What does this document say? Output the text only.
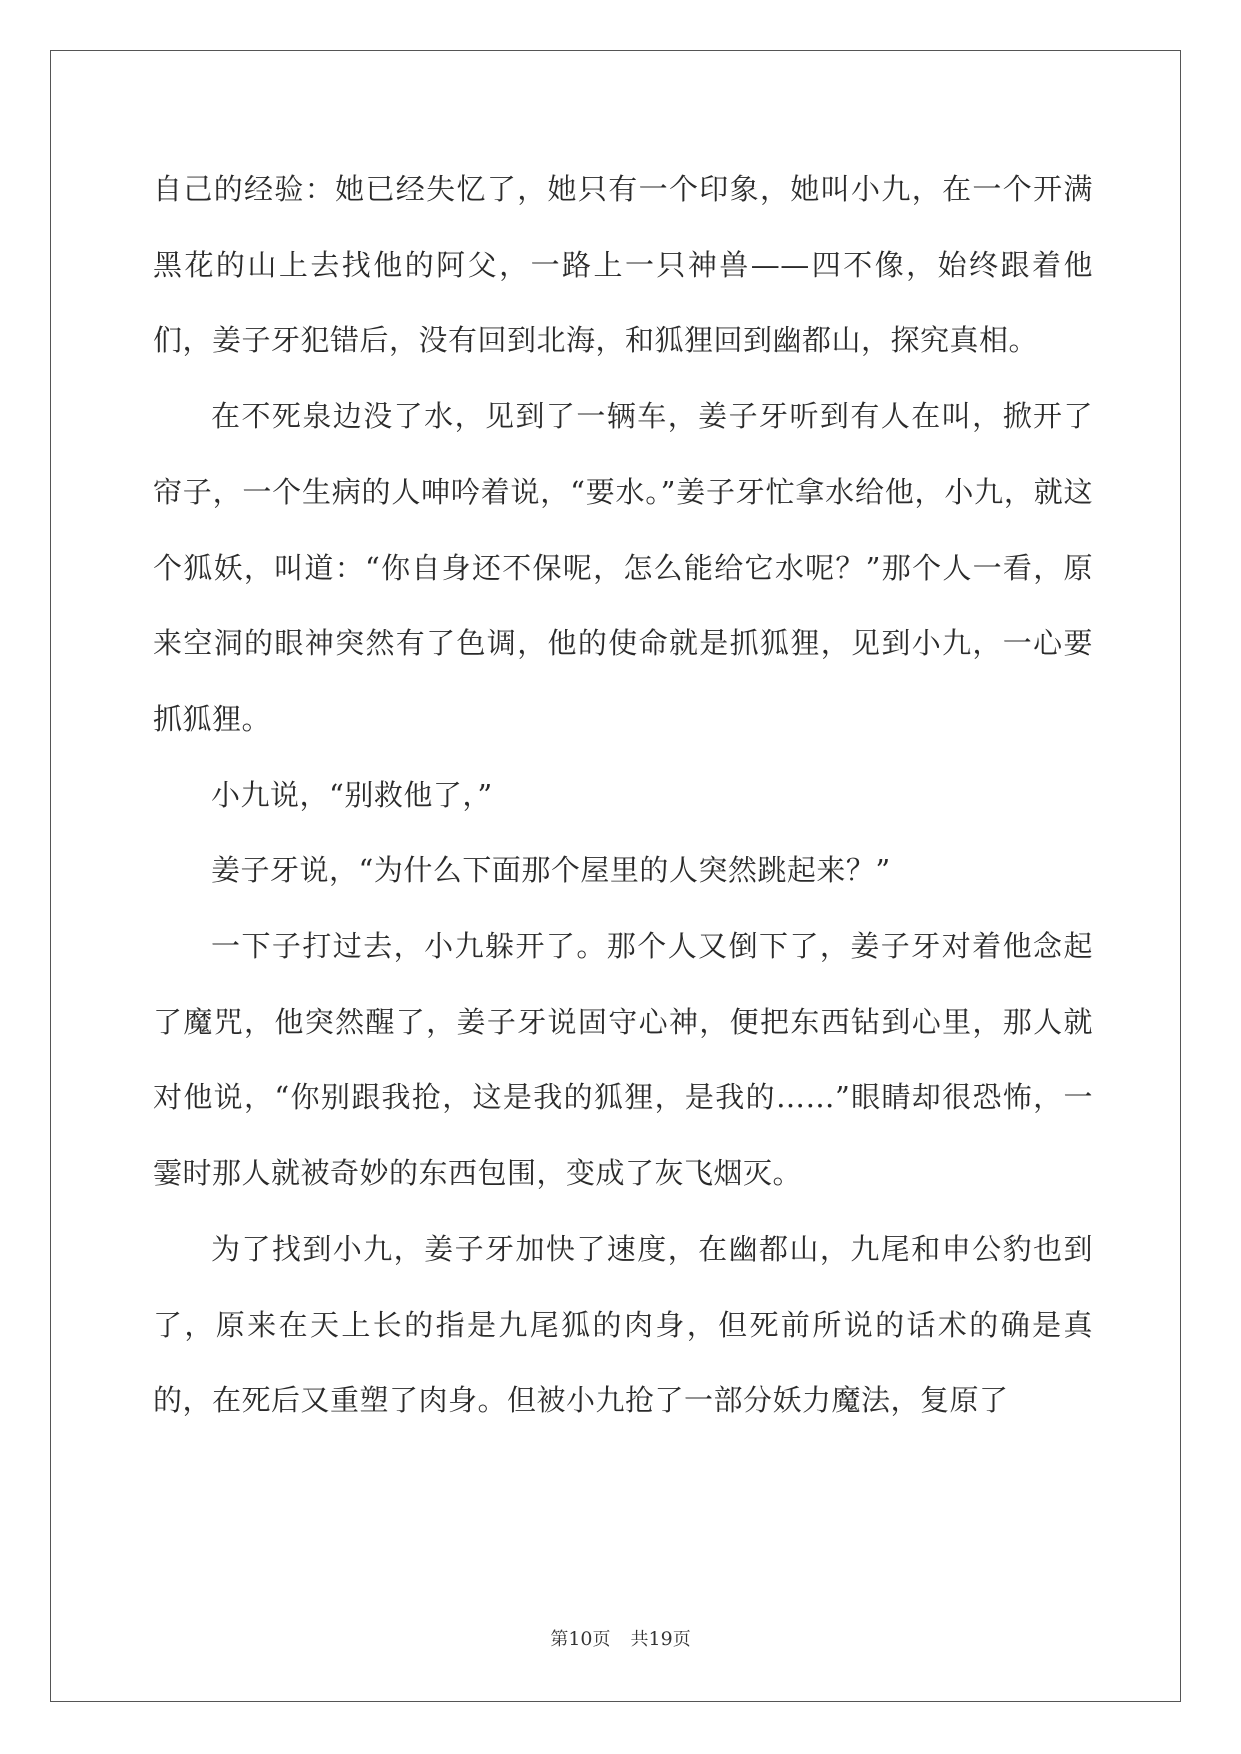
自己的经验：她已经失忆了，她只有一个印象，她叫小九，在一个开满黑花的山上去找他的阿父，一路上一只神兽——四不像，始终跟着他们，姜子牙犯错后，没有回到北海，和狐狸回到幽都山，探究真相。

在不死泉边没了水，见到了一辆车，姜子牙听到有人在叫，掀开了帘子，一个生病的人呻吟着说，“要水。”姜子牙忙拿水给他，小九，就这个狐妖，叫道：“你自身还不保呢，怎么能给它水呢？”那个人一看，原来空洞的眼神突然有了色调，他的使命就是抓狐狸，见到小九，一心要抓狐狸。

小九说，“别救他了，”

姜子牙说，“为什么下面那个屋里的人突然跳起来？”

一下子打过去，小九躲开了。那个人又倒下了，姜子牙对着他念起了魔咒，他突然醒了，姜子牙说固守心神，便把东西钻到心里，那人就对他说，“你别跟我抢，这是我的狐狸，是我的……”眼睛却很恐怖，一霎时那人就被奇妙的东西包围，变成了灰飞烟灭。

为了找到小九，姜子牙加快了速度，在幽都山，九尾和申公豹也到了，原来在天上长的指是九尾狐的肉身，但死前所说的话术的确是真的，在死后又重塑了肉身。但被小九抢了一部分妖力魔法，复原了

第10页 共19页
